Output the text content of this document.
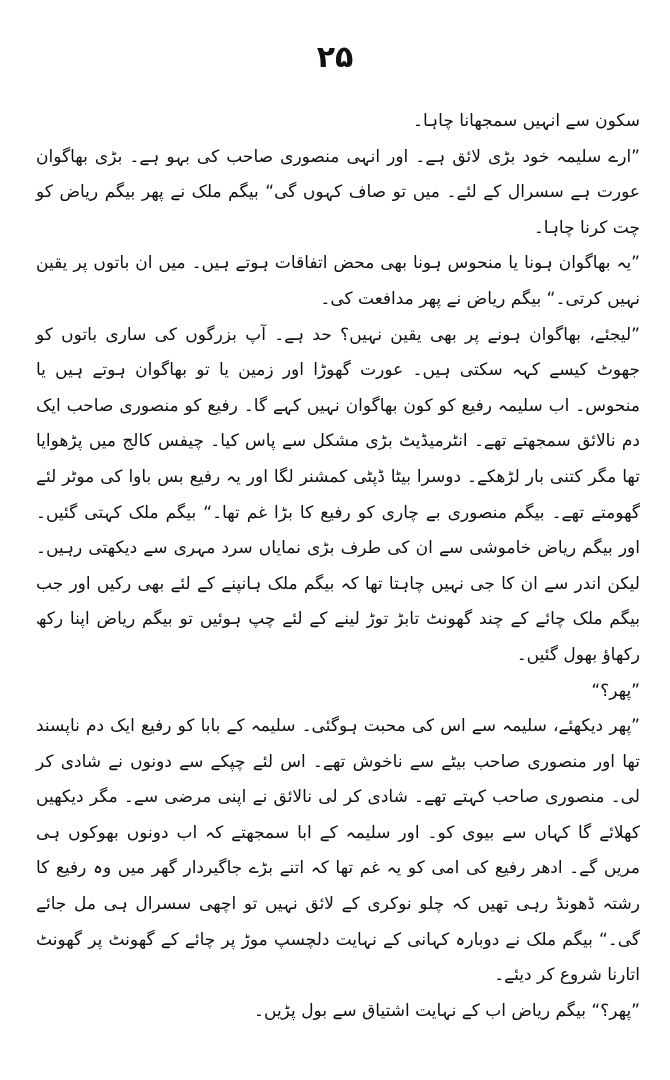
۲۵

سکون سے انہیں سمجھانا چاہا۔

”ارے سلیمہ خود بڑی لائق ہے۔ اور انہی منصوری صاحب کی بہو ہے۔ بڑی بھاگوان عورت ہے سسرال کے لئے۔ میں تو صاف کہوں گی“ بیگم ملک نے پھر بیگم ریاض کو چت کرنا چاہا۔

”یہ بھاگوان ہونا یا منحوس ہونا بھی محض اتفاقات ہوتے ہیں۔ میں ان باتوں پر یقین نہیں کرتی۔“ بیگم ریاض نے پھر مدافعت کی۔

”لیجئے، بھاگوان ہونے پر بھی یقین نہیں؟ حد ہے۔ آپ بزرگوں کی ساری باتوں کو جھوٹ کیسے کہہ سکتی ہیں۔ عورت گھوڑا اور زمین یا تو بھاگوان ہوتے ہیں یا منحوس۔ اب سلیمہ رفیع کو کون بھاگوان نہیں کہے گا۔ رفیع کو منصوری صاحب ایک دم نالائق سمجھتے تھے۔ انٹرمیڈیٹ بڑی مشکل سے پاس کیا۔ چیفس کالج میں پڑھوایا تھا مگر کتنی بار لڑھکے۔ دوسرا بیٹا ڈپٹی کمشنر لگا اور یہ رفیع بس باوا کی موٹر لئے گھومتے تھے۔ بیگم منصوری بے چاری کو رفیع کا بڑا غم تھا۔“ بیگم ملک کہتی گئیں۔ اور بیگم ریاض خاموشی سے ان کی طرف بڑی نمایاں سرد مہری سے دیکھتی رہیں۔ لیکن اندر سے ان کا جی نہیں چاہتا تھا کہ بیگم ملک ہانپنے کے لئے بھی رکیں اور جب بیگم ملک چائے کے چند گھونٹ تابڑ توڑ لینے کے لئے چپ ہوئیں تو بیگم ریاض اپنا رکھ رکھاؤ بھول گئیں۔

”پھر؟“

”پھر دیکھئے، سلیمہ سے اس کی محبت ہوگئی۔ سلیمہ کے بابا کو رفیع ایک دم ناپسند تھا اور منصوری صاحب بیٹے سے ناخوش تھے۔ اس لئے چپکے سے دونوں نے شادی کر لی۔ منصوری صاحب کہتے تھے۔ شادی کر لی نالائق نے اپنی مرضی سے۔ مگر دیکھیں کھلائے گا کہاں سے بیوی کو۔ اور سلیمہ کے ابا سمجھتے کہ اب دونوں بھوکوں ہی مریں گے۔ ادھر رفیع کی امی کو یہ غم تھا کہ اتنے بڑے جاگیردار گھر میں وہ رفیع کا رشتہ ڈھونڈ رہی تھیں کہ چلو نوکری کے لائق نہیں تو اچھی سسرال ہی مل جائے گی۔“ بیگم ملک نے دوبارہ کہانی کے نہایت دلچسپ موڑ پر چائے کے گھونٹ پر گھونٹ اتارنا شروع کر دیئے۔

”پھر؟“ بیگم ریاض اب کے نہایت اشتیاق سے بول پڑیں۔
